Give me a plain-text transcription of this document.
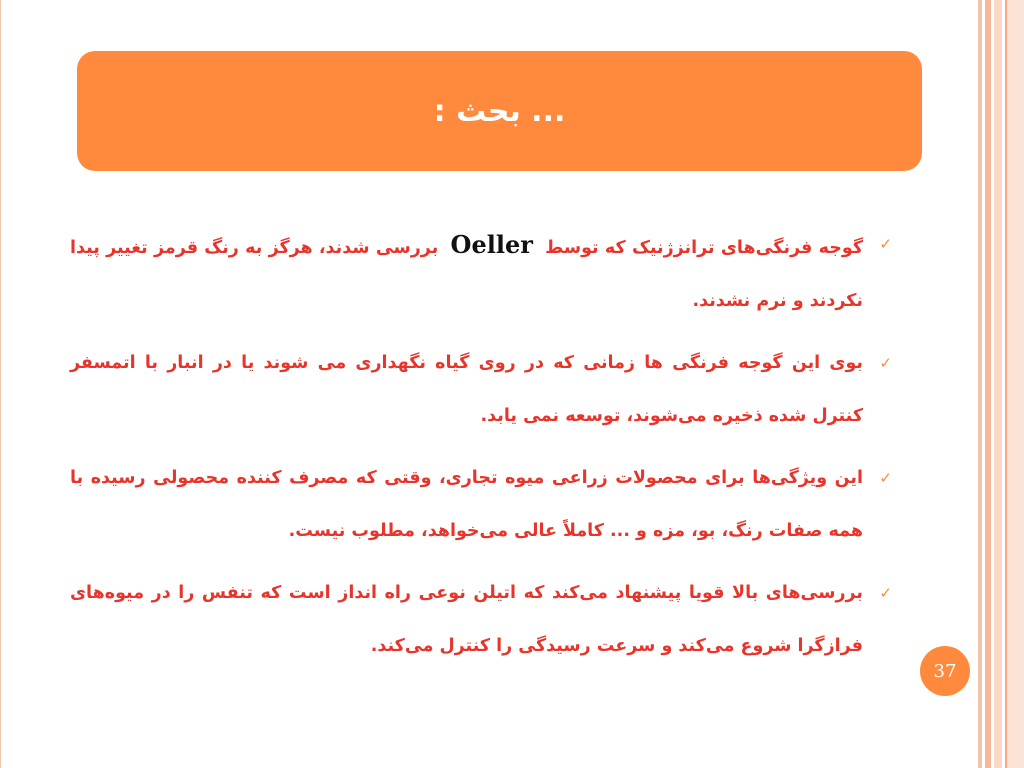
... بحث :
✓
گوجه فرنگی‌های ترانزژنیک که توسط Oeller بررسی شدند، هرگز به رنگ قرمز تغییر پیدا نکردند و نرم نشدند.
✓
بوی این گوجه فرنگی ها زمانی که در روی گیاه نگهداری می شوند یا در انبار با اتمسفر کنترل شده ذخیره می‌شوند، توسعه نمی یابد.
✓
این ویژگی‌ها برای محصولات زراعی میوه تجاری، وقتی که مصرف کننده محصولی رسیده با همه صفات رنگ، بو، مزه و ... کاملاً عالی می‌خواهد، مطلوب نیست.
✓
بررسی‌های بالا قویا پیشنهاد می‌کند که اتیلن نوعی راه انداز است که تنفس را در میوه‌های فرازگرا شروع می‌کند و سرعت رسیدگی را کنترل می‌کند.
37
